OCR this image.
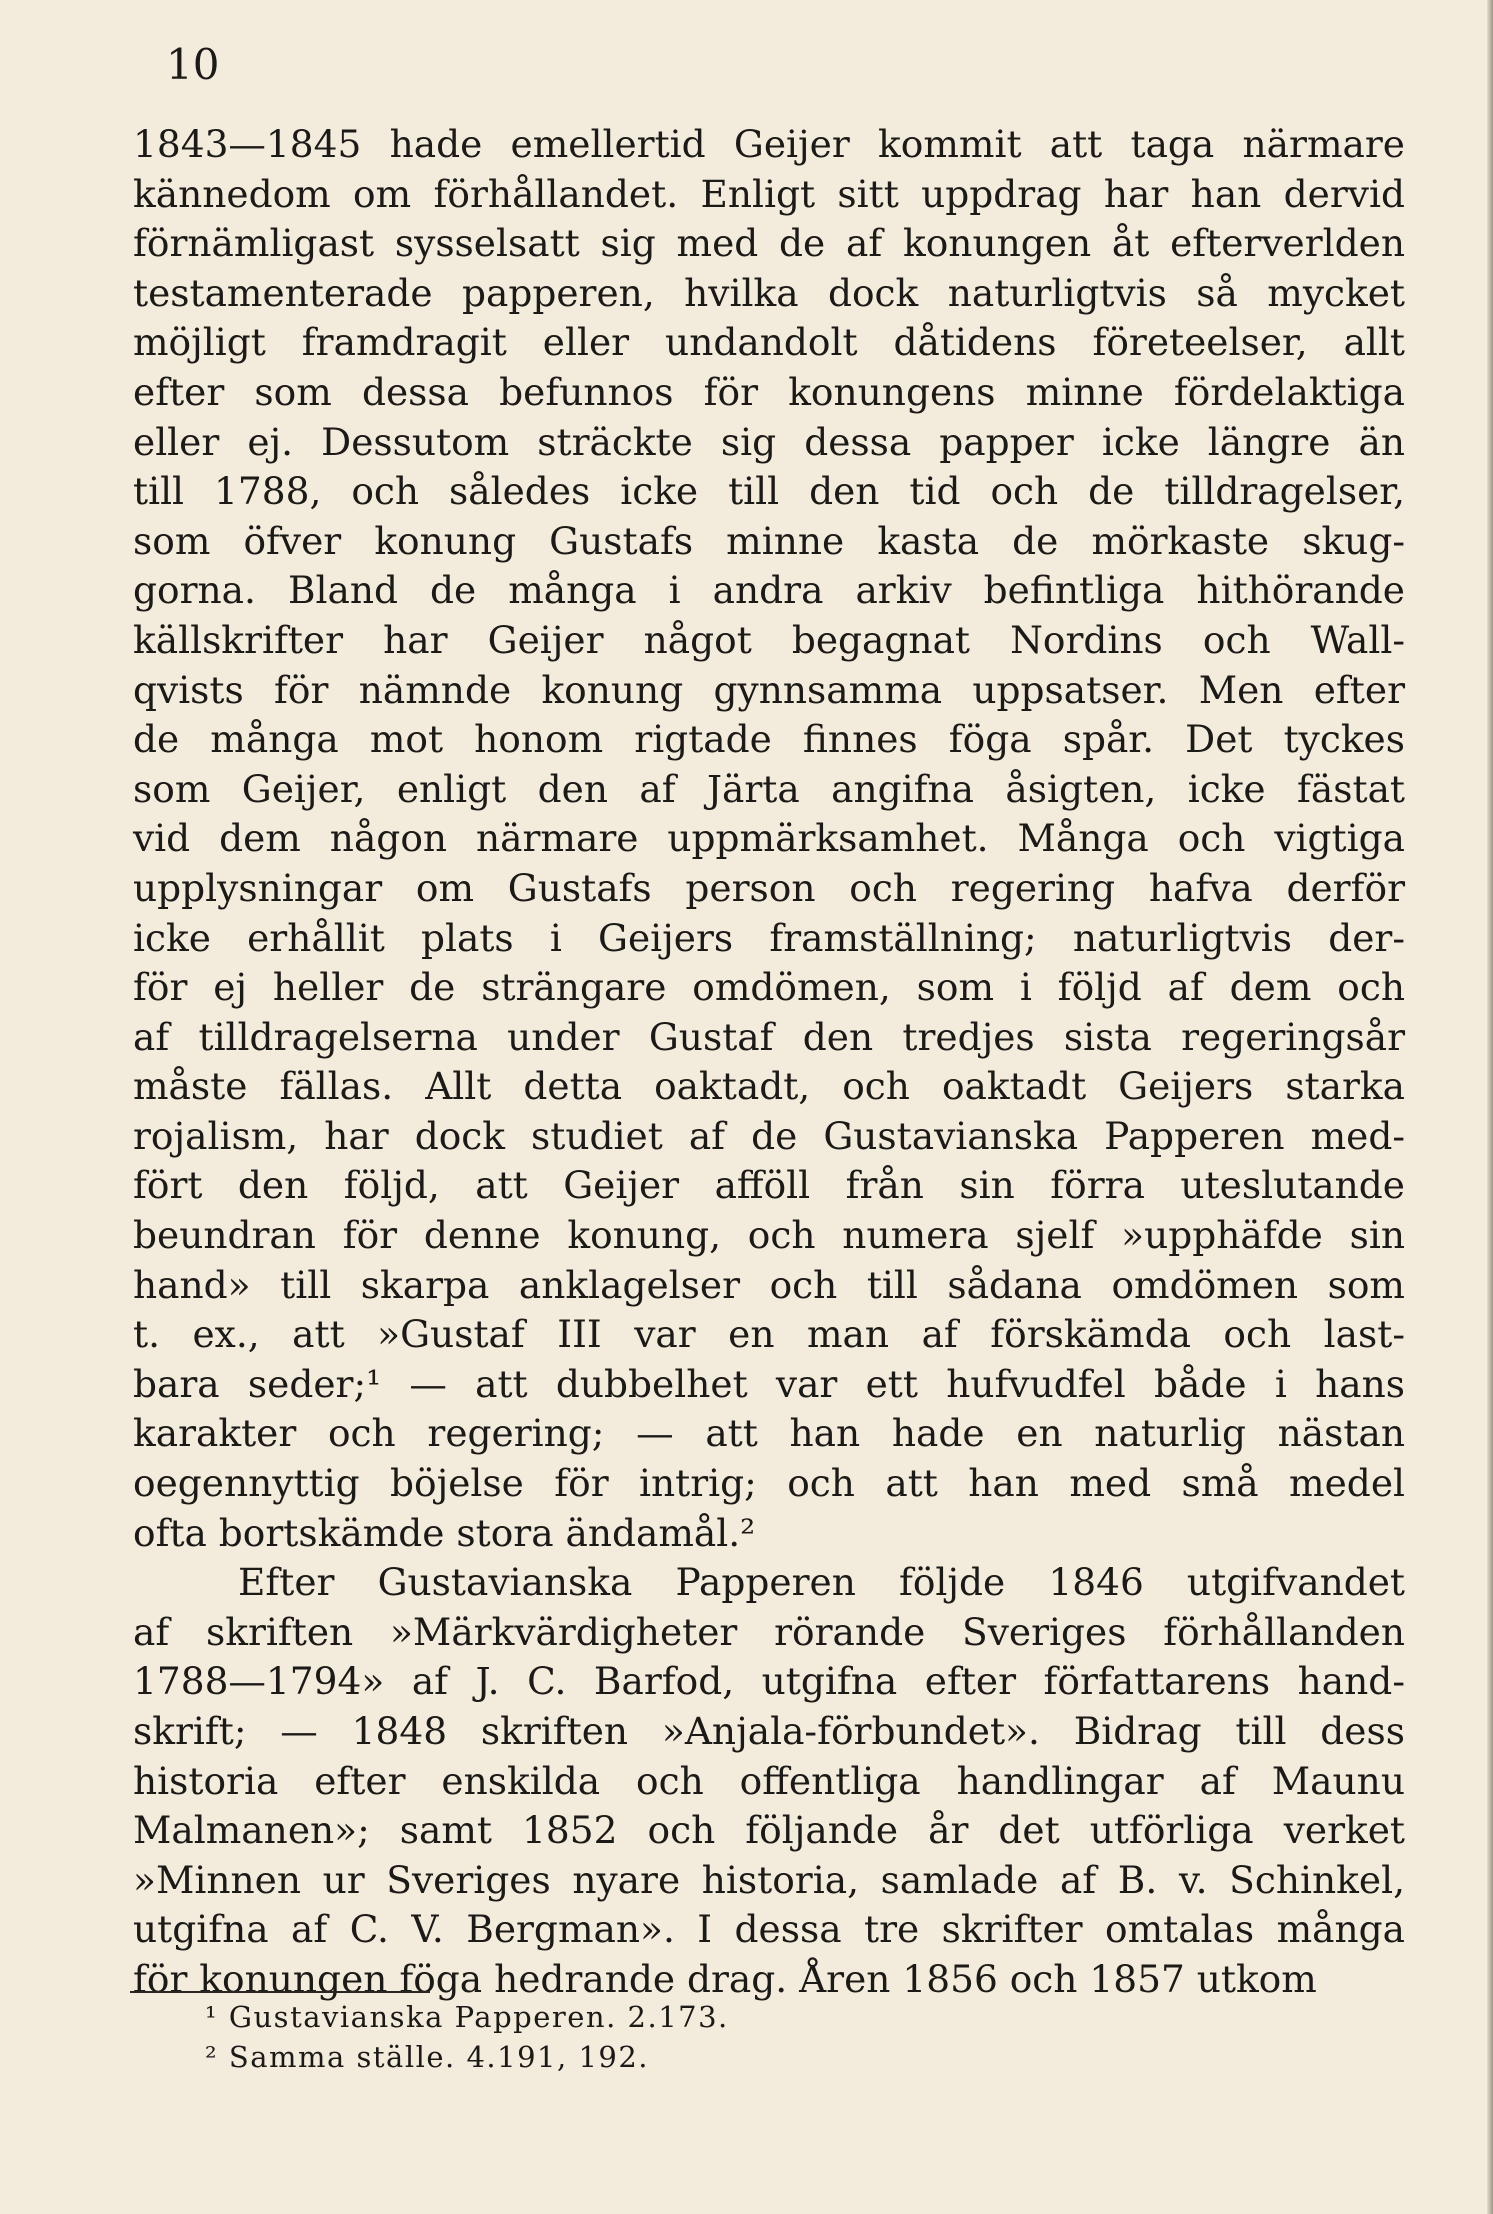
10
1843—1845 hade emellertid Geijer kommit att taga närmare
kännedom om förhållandet. Enligt sitt uppdrag har han dervid
förnämligast sysselsatt sig med de af konungen åt efterverlden
testamenterade papperen, hvilka dock naturligtvis så mycket
möjligt framdragit eller undandolt dåtidens företeelser, allt
efter som dessa befunnos för konungens minne fördelaktiga
eller ej. Dessutom sträckte sig dessa papper icke längre än
till 1788, och således icke till den tid och de tilldragelser,
som öfver konung Gustafs minne kasta de mörkaste skug-
gorna. Bland de många i andra arkiv befintliga hithörande
källskrifter har Geijer något begagnat Nordins och Wall-
qvists för nämnde konung gynnsamma uppsatser. Men efter
de många mot honom rigtade finnes föga spår. Det tyckes
som Geijer, enligt den af Järta angifna åsigten, icke fästat
vid dem någon närmare uppmärksamhet. Många och vigtiga
upplysningar om Gustafs person och regering hafva derför
icke erhållit plats i Geijers framställning; naturligtvis der-
för ej heller de strängare omdömen, som i följd af dem och
af tilldragelserna under Gustaf den tredjes sista regeringsår
måste fällas. Allt detta oaktadt, och oaktadt Geijers starka
rojalism, har dock studiet af de Gustavianska Papperen med-
fört den följd, att Geijer afföll från sin förra uteslutande
beundran för denne konung, och numera sjelf »upphäfde sin
hand» till skarpa anklagelser och till sådana omdömen som
t. ex., att »Gustaf III var en man af förskämda och last-
bara seder;¹ — att dubbelhet var ett hufvudfel både i hans
karakter och regering; — att han hade en naturlig nästan
oegennyttig böjelse för intrig; och att han med små medel
ofta bortskämde stora ändamål.²
Efter Gustavianska Papperen följde 1846 utgifvandet
af skriften »Märkvärdigheter rörande Sveriges förhållanden
1788—1794» af J. C. Barfod, utgifna efter författarens hand-
skrift; — 1848 skriften »Anjala-förbundet». Bidrag till dess
historia efter enskilda och offentliga handlingar af Maunu
Malmanen»; samt 1852 och följande år det utförliga verket
»Minnen ur Sveriges nyare historia, samlade af B. v. Schinkel,
utgifna af C. V. Bergman». I dessa tre skrifter omtalas många
för konungen föga hedrande drag. Åren 1856 och 1857 utkom
¹ Gustavianska Papperen. 2.173.
² Samma ställe. 4.191, 192.
